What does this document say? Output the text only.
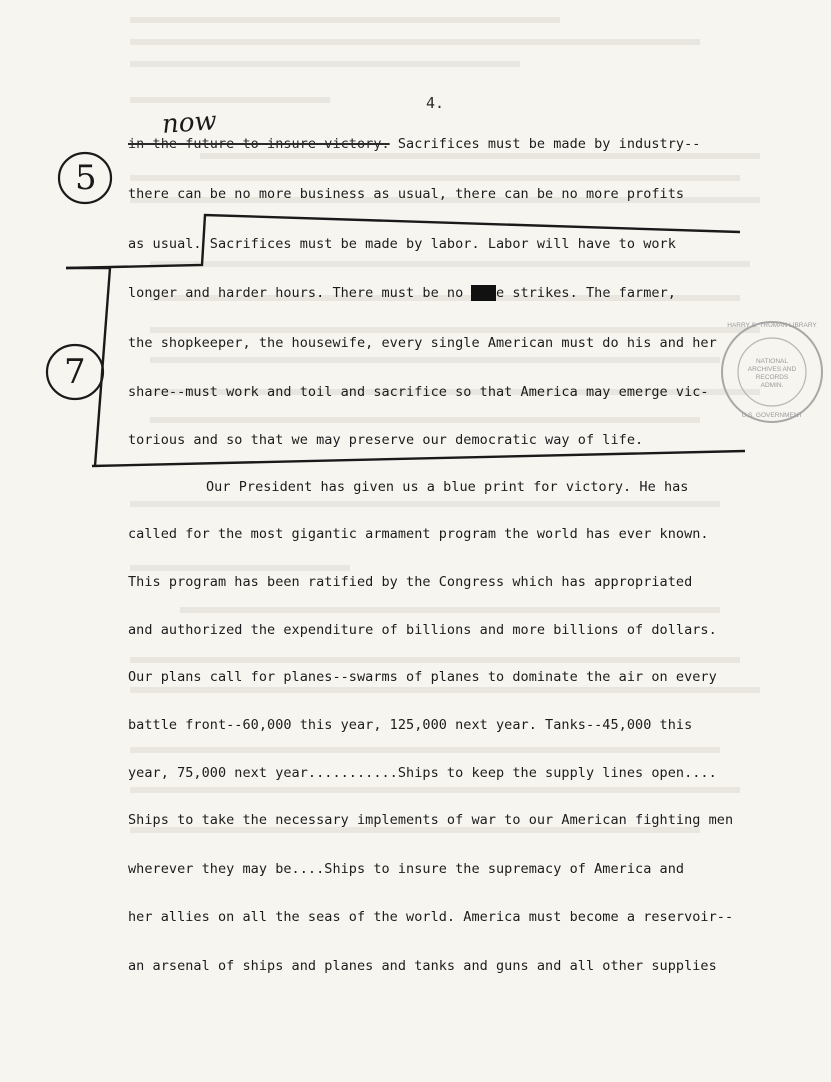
4.
now
5
7
HARRY S. TRUMAN LIBRARY
NATIONAL
ARCHIVES AND
RECORDS
ADMIN.
U.S. GOVERNMENT
in the future to insure victory. Sacrifices must be made by industry--
there can be no more business as usual, there can be no more profits
as usual. Sacrifices must be made by labor. Labor will have to work
longer and harder hours. There must be no more strikes. The farmer,
the shopkeeper, the housewife, every single American must do his and her
share--must work and toil and sacrifice so that America may emerge vic-
torious and so that we may preserve our democratic way of life.
Our President has given us a blue print for victory. He has
called for the most gigantic armament program the world has ever known.
This program has been ratified by the Congress which has appropriated
and authorized the expenditure of billions and more billions of dollars.
Our plans call for planes--swarms of planes to dominate the air on every
battle front--60,000 this year, 125,000 next year. Tanks--45,000 this
year, 75,000 next year...........Ships to keep the supply lines open....
Ships to take the necessary implements of war to our American fighting men
wherever they may be....Ships to insure the supremacy of America and
her allies on all the seas of the world. America must become a reservoir--
an arsenal of ships and planes and tanks and guns and all other supplies
